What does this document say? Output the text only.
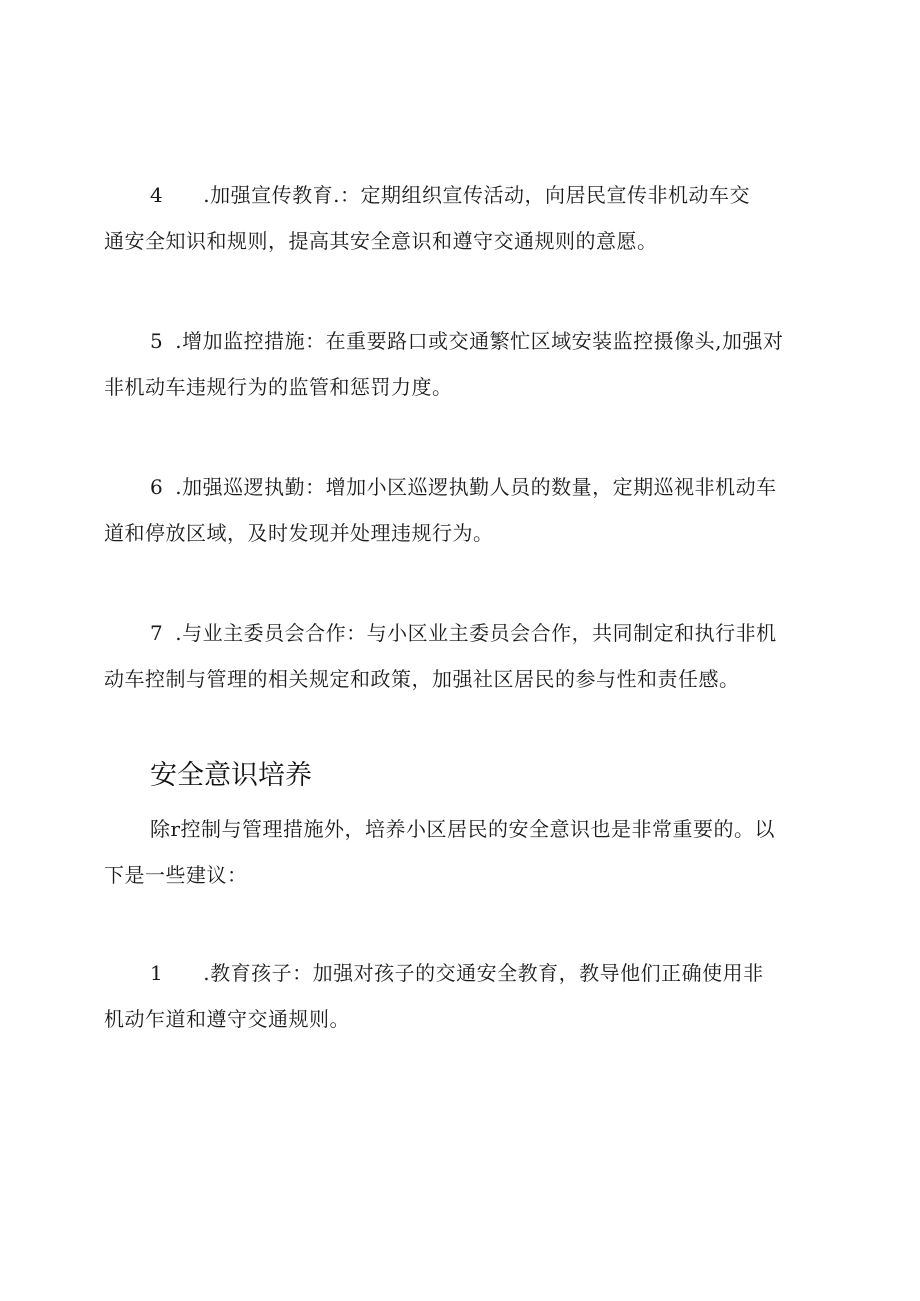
4 .加强宣传教育.：定期组织宣传活动，向居民宣传非机动车交
通安全知识和规则，提高其安全意识和遵守交通规则的意愿。

5 .增加监控措施：在重要路口或交通繁忙区域安装监控摄像头,加强对
非机动车违规行为的监管和惩罚力度。

6 .加强巡逻执勤：增加小区巡逻执勤人员的数量，定期巡视非机动车
道和停放区域，及时发现并处理违规行为。

7 .与业主委员会合作：与小区业主委员会合作，共同制定和执行非机
动车控制与管理的相关规定和政策，加强社区居民的参与性和责任感。

安全意识培养

除r控制与管理措施外，培养小区居民的安全意识也是非常重要的。以
下是一些建议：

1 .教育孩子：加强对孩子的交通安全教育，教导他们正确使用非
机动乍道和遵守交通规则。
